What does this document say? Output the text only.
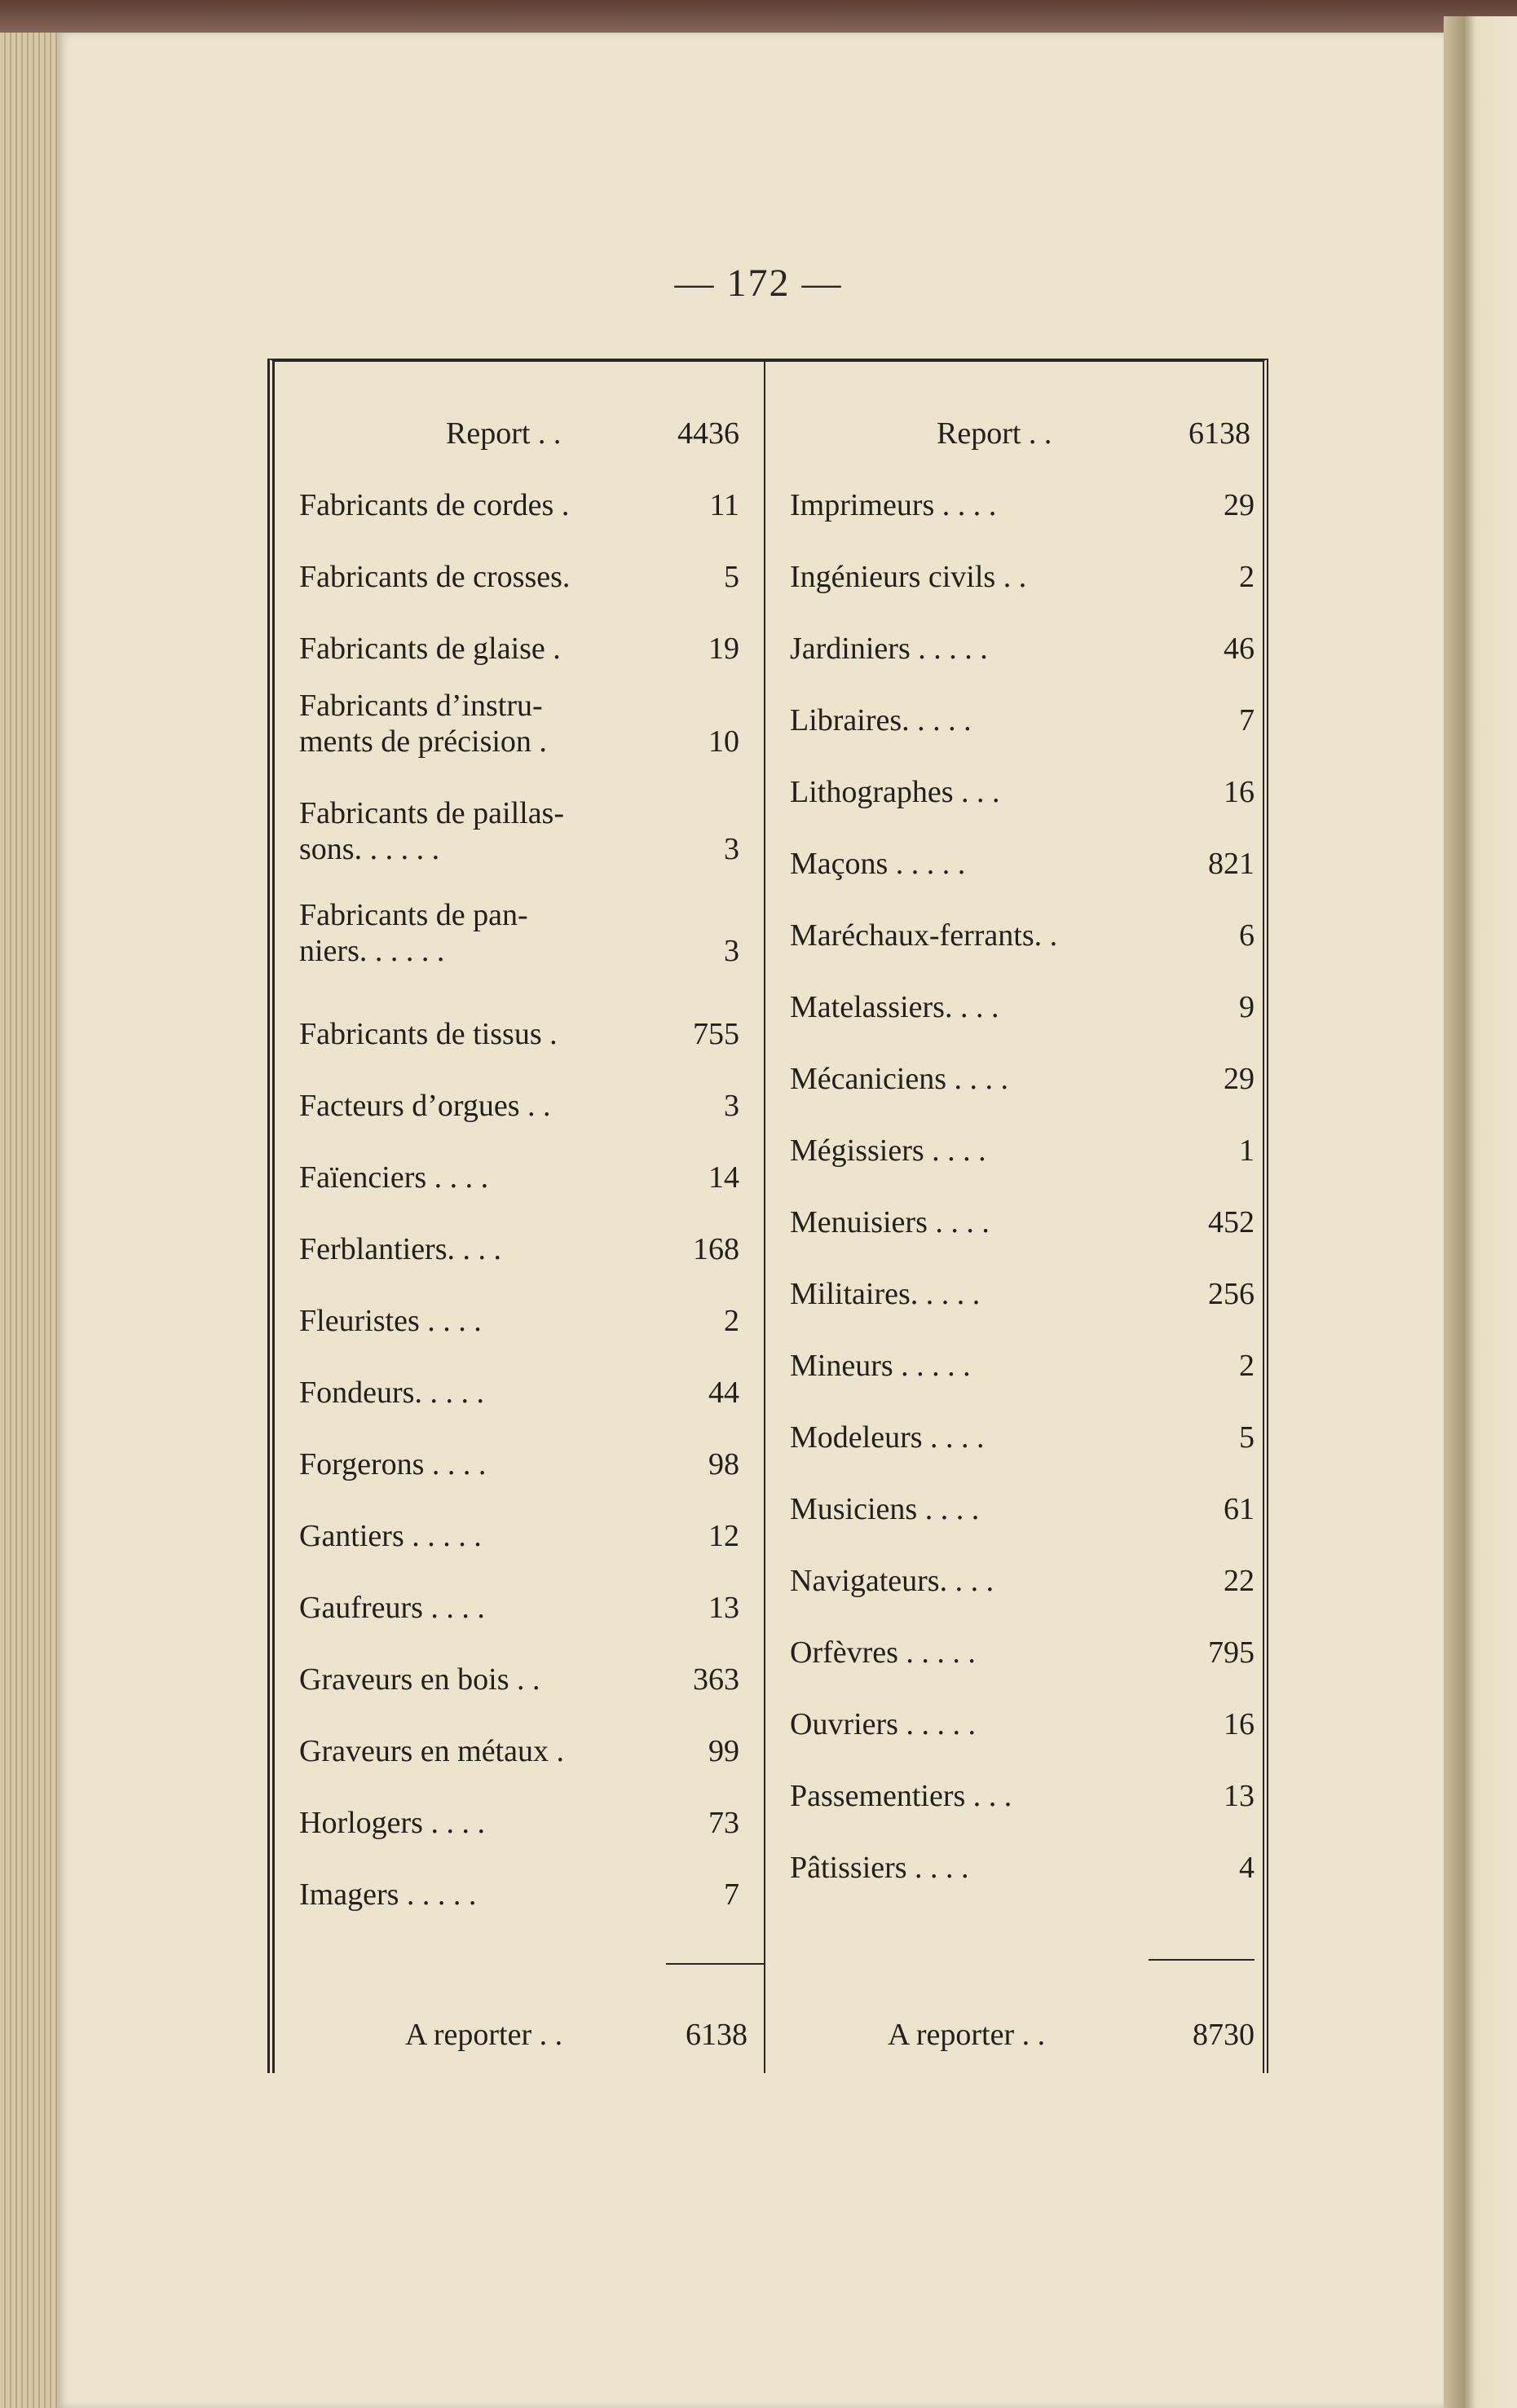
— 172 —
Report . .	4436
Fabricants de cordes .	11
Fabricants de crosses.	5
Fabricants de glaise .	19
Fabricants d’instru-
ments de précision .	10
Fabricants de paillas-
sons. . . . . .	3
Fabricants de pan-
niers. . . . . .	3
Fabricants de tissus .	755
Facteurs d’orgues . .	3
Faïenciers . . . .	14
Ferblantiers. . . .	168
Fleuristes . . . .	2
Fondeurs. . . . .	44
Forgerons . . . .	98
Gantiers . . . . .	12
Gaufreurs . . . .	13
Graveurs en bois . .	363
Graveurs en métaux .	99
Horlogers . . . .	73
Imagers . . . . .	7
A reporter . .	6138
Report . .	6138
Imprimeurs . . . .	29
Ingénieurs civils . .	2
Jardiniers . . . . .	46
Libraires. . . . .	7
Lithographes . . .	16
Maçons . . . . .	821
Maréchaux-ferrants. .	6
Matelassiers. . . .	9
Mécaniciens . . . .	29
Mégissiers . . . .	1
Menuisiers . . . .	452
Militaires. . . . .	256
Mineurs . . . . .	2
Modeleurs . . . .	5
Musiciens . . . .	61
Navigateurs. . . .	22
Orfèvres . . . . .	795
Ouvriers . . . . .	16
Passementiers . . .	13
Pâtissiers . . . .	4
A reporter . .	8730
